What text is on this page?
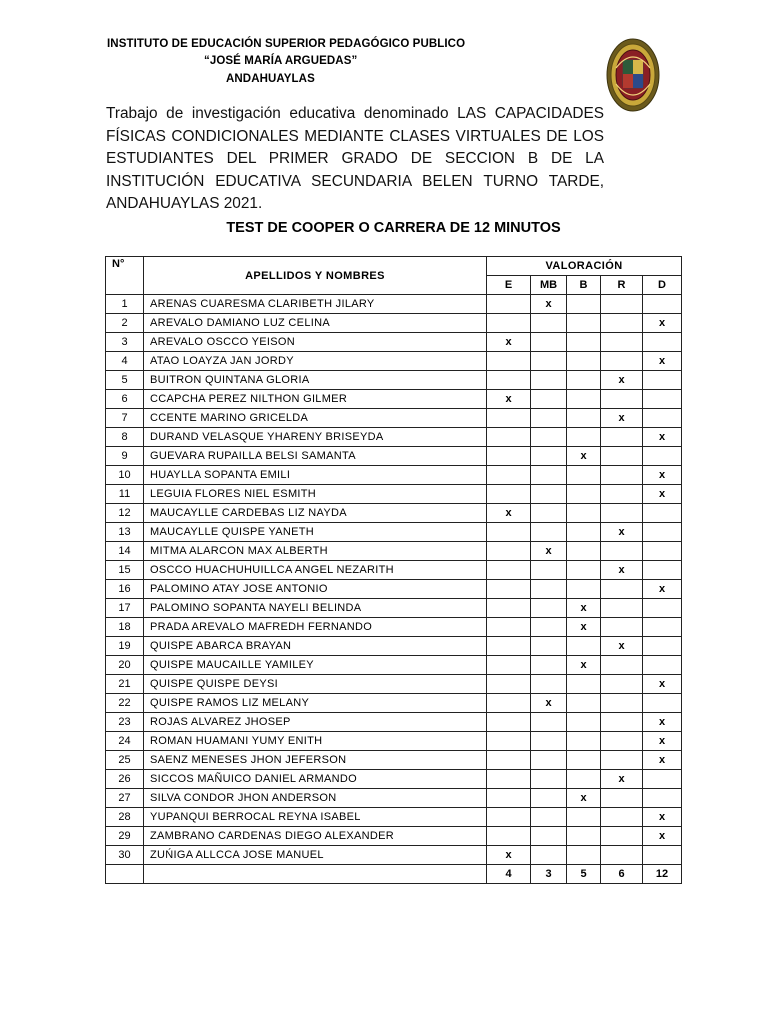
INSTITUTO DE EDUCACIÓN SUPERIOR PEDAGÓGICO PUBLICO
“JOSÉ MARÍA ARGUEDAS”
ANDAHUAYLAS
Trabajo de investigación educativa denominado LAS CAPACIDADES FÍSICAS CONDICIONALES MEDIANTE CLASES VIRTUALES DE LOS ESTUDIANTES DEL PRIMER GRADO DE SECCION B DE LA INSTITUCIÓN EDUCATIVA SECUNDARIA BELEN TURNO TARDE, ANDAHUAYLAS 2021.
TEST DE COOPER O CARRERA DE 12 MINUTOS
N°	APELLIDOS Y NOMBRES	VALORACIÓN				
		E	MB	B	R	D
1	ARENAS CUARESMA CLARIBETH JILARY		x			
2	AREVALO DAMIANO LUZ CELINA					x
3	AREVALO OSCCO YEISON	x				
4	ATAO LOAYZA JAN JORDY					x
5	BUITRON QUINTANA GLORIA				x	
6	CCAPCHA PEREZ NILTHON GILMER	x				
7	CCENTE MARINO GRICELDA				x	
8	DURAND VELASQUE YHARENY BRISEYDA					x
9	GUEVARA RUPAILLA BELSI SAMANTA			x		
10	HUAYLLA SOPANTA EMILI					x
11	LEGUIA FLORES NIEL ESMITH					x
12	MAUCAYLLE CARDEBAS LIZ NAYDA	x				
13	MAUCAYLLE QUISPE YANETH				x	
14	MITMA ALARCON MAX ALBERTH		x			
15	OSCCO HUACHUHUILLCA ANGEL NEZARITH				x	
16	PALOMINO ATAY JOSE ANTONIO					x
17	PALOMINO SOPANTA NAYELI BELINDA			x		
18	PRADA AREVALO MAFREDH FERNANDO			x		
19	QUISPE ABARCA BRAYAN				x	
20	QUISPE MAUCAILLE YAMILEY			x		
21	QUISPE QUISPE DEYSI					x
22	QUISPE RAMOS LIZ MELANY		x			
23	ROJAS ALVAREZ JHOSEP					x
24	ROMAN HUAMANI YUMY ENITH					x
25	SAENZ MENESES JHON JEFERSON					x
26	SICCOS MAÑUICO DANIEL ARMANDO				x	
27	SILVA CONDOR JHON ANDERSON			x		
28	YUPANQUI BERROCAL REYNA ISABEL					x
29	ZAMBRANO CARDENAS DIEGO ALEXANDER					x
30	ZUŃIGA ALLCCA JOSE MANUEL	x				
		4	3	5	6	12
